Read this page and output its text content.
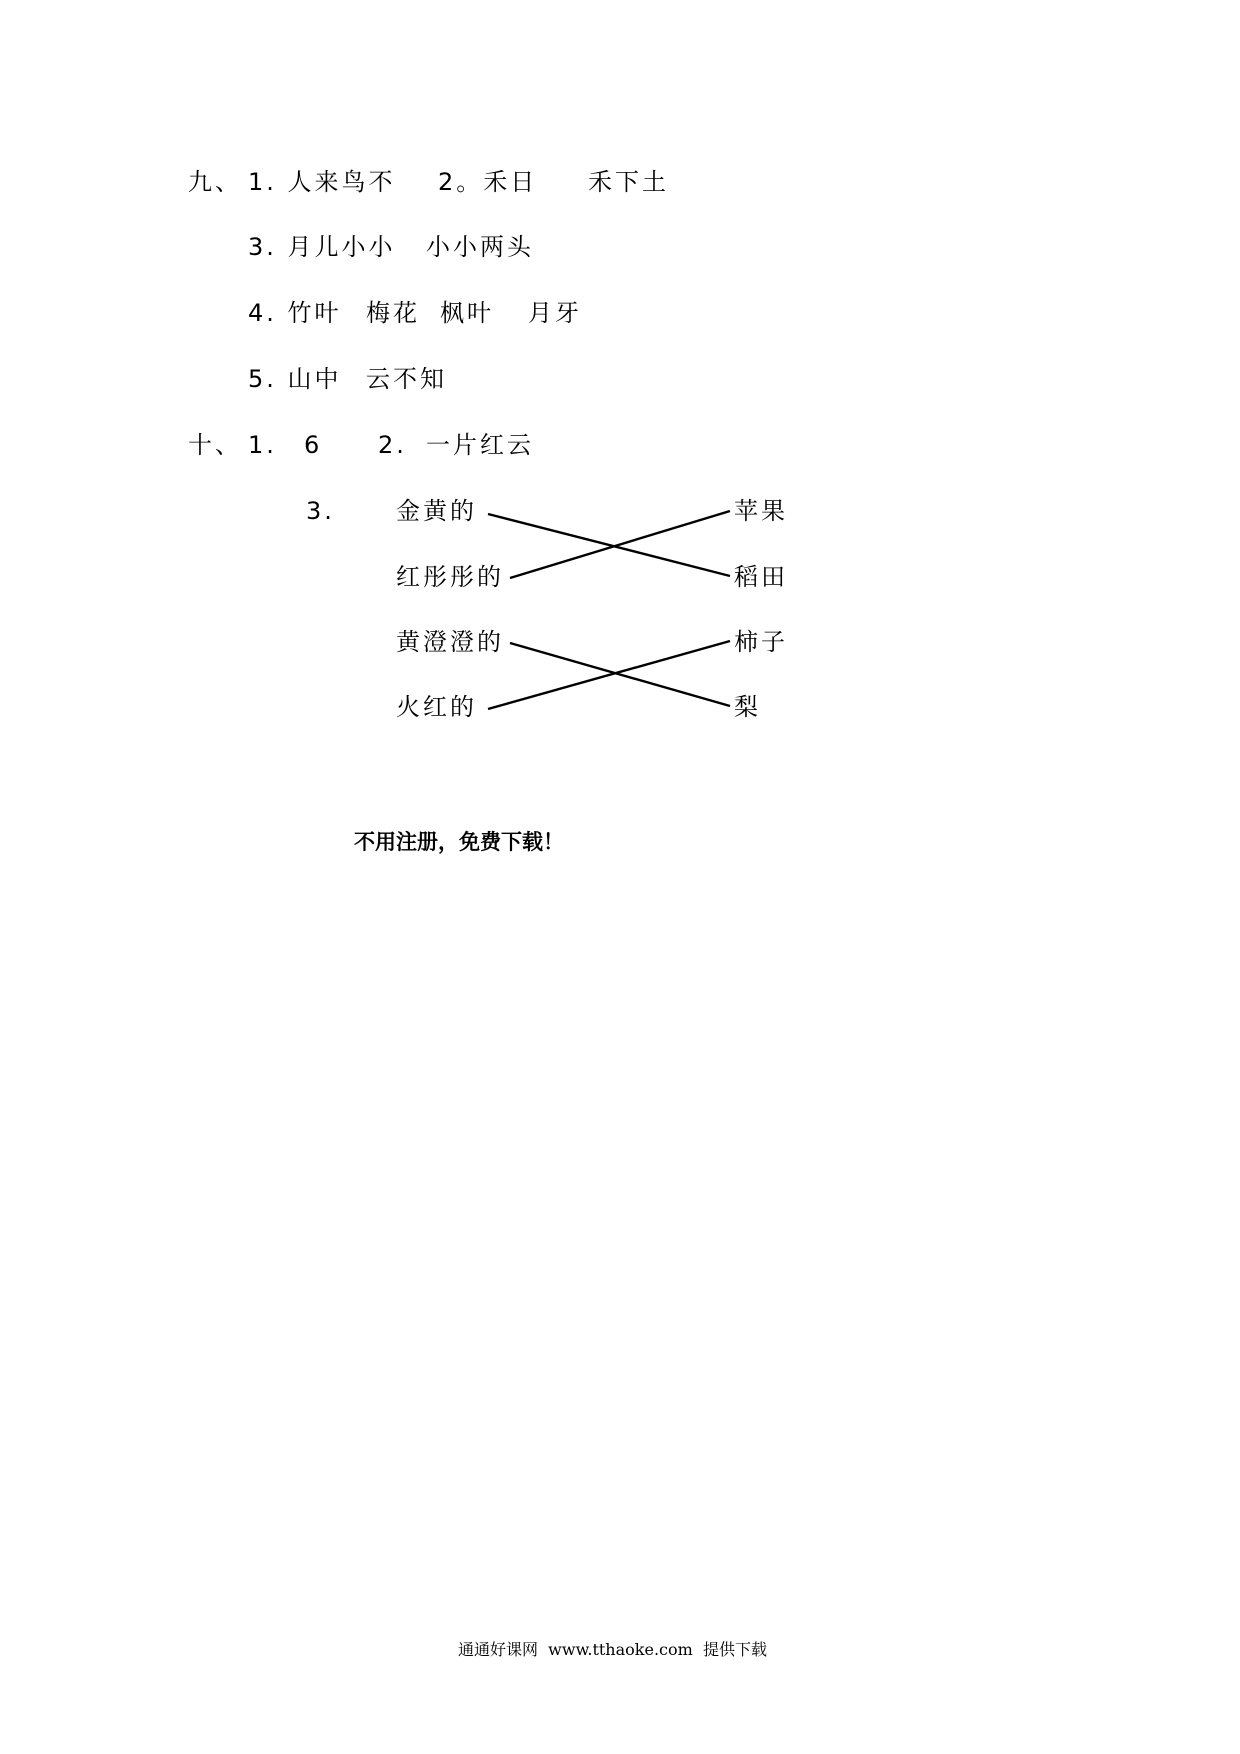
九、 1. 人来鸟不 2。禾日 禾下土
3. 月儿小小 小小两头
4. 竹叶 梅花 枫叶 月牙
5. 山中 云不知
十、 1. 6 2. 一片红云
3.	金黄的
红彤彤的
黄澄澄的
火红的
苹果
稻田
柿子
梨
不用注册，免费下载！
通通好课网  www.tthaoke.com  提供下载
